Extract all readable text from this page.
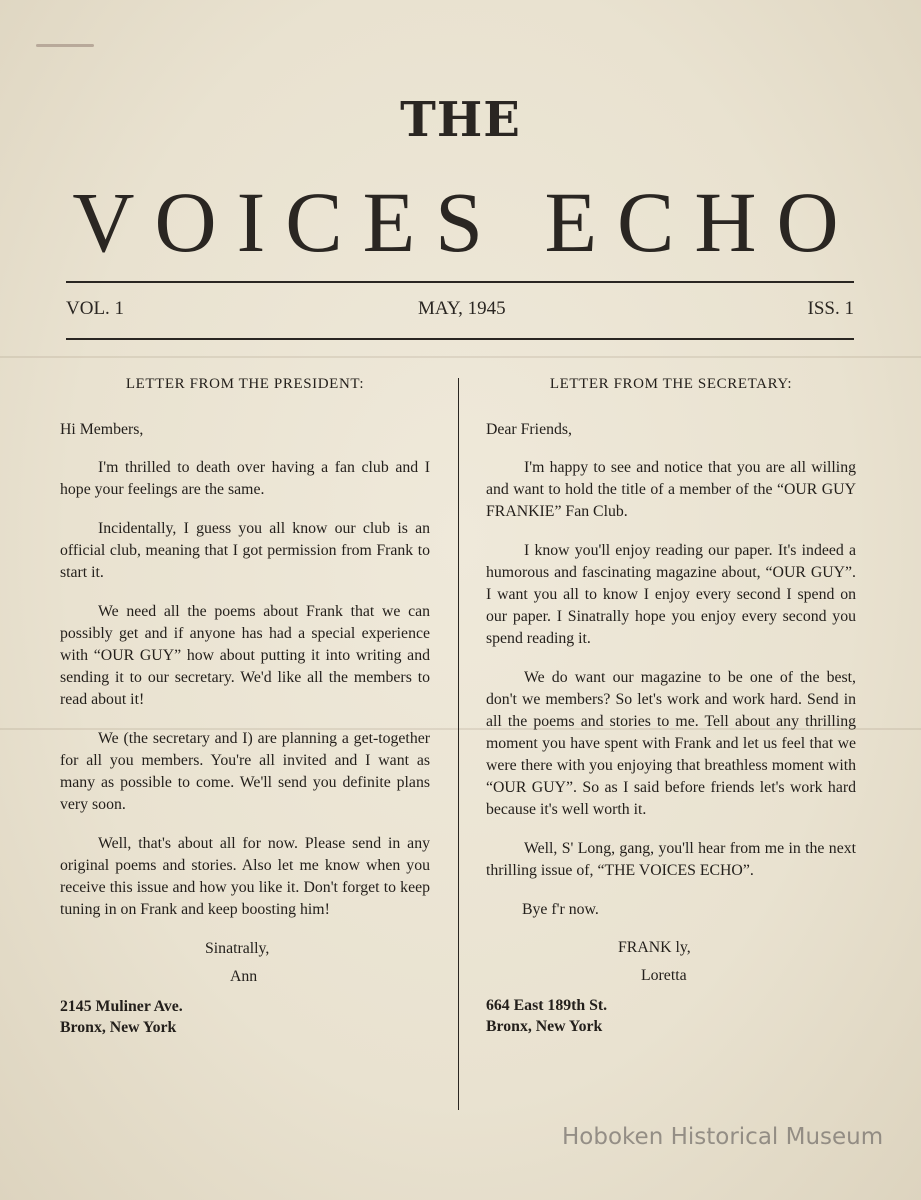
THE
VOICES ECHO
VOL. 1	MAY, 1945	ISS. 1
LETTER FROM THE PRESIDENT:
Hi Members,

I'm thrilled to death over having a fan club and I hope your feelings are the same.

Incidentally, I guess you all know our club is an official club, meaning that I got permission from Frank to start it.

We need all the poems about Frank that we can possibly get and if anyone has had a special experience with “OUR GUY” how about putting it into writing and sending it to our secretary. We'd like all the members to read about it!

We (the secretary and I) are planning a get-together for all you members. You're all invited and I want as many as possible to come. We'll send you definite plans very soon.

Well, that's about all for now. Please send in any original poems and stories. Also let me know when you receive this issue and how you like it. Don't forget to keep tuning in on Frank and keep boosting him!

Sinatrally,
Ann
2145 Muliner Ave.
Bronx, New York
LETTER FROM THE SECRETARY:
Dear Friends,

I'm happy to see and notice that you are all willing and want to hold the title of a member of the “OUR GUY FRANKIE” Fan Club.

I know you'll enjoy reading our paper. It's indeed a humorous and fascinating magazine about, “OUR GUY”. I want you all to know I enjoy every second I spend on our paper. I Sinatrally hope you enjoy every second you spend reading it.

We do want our magazine to be one of the best, don't we members? So let's work and work hard. Send in all the poems and stories to me. Tell about any thrilling moment you have spent with Frank and let us feel that we were there with you enjoying that breathless moment with “OUR GUY”. So as I said before friends let's work hard because it's well worth it.

Well, S' Long, gang, you'll hear from me in the next thrilling issue of, “THE VOICES ECHO”.

Bye f'r now.
FRANK ly,
Loretta
664 East 189th St.
Bronx, New York
Hoboken Historical Museum
